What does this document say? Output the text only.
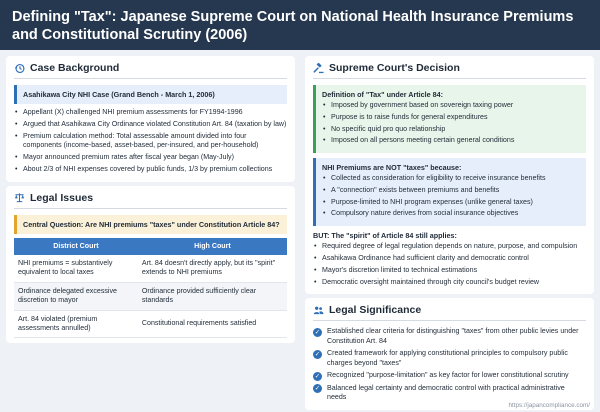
Defining "Tax": Japanese Supreme Court on National Health Insurance Premiums and Constitutional Scrutiny (2006)
Case Background
Asahikawa City NHI Case (Grand Bench - March 1, 2006)
• Appellant (X) challenged NHI premium assessments for FY1994-1996
• Argued that Asahikawa City Ordinance violated Constitution Art. 84 (taxation by law)
• Premium calculation method: Total assessable amount divided into four components (income-based, asset-based, per-insured, and per-household)
• Mayor announced premium rates after fiscal year began (May-July)
• About 2/3 of NHI expenses covered by public funds, 1/3 by premium collections
Legal Issues
Central Question: Are NHI premiums "taxes" under Constitution Article 84?
District Court	High Court
NHI premiums = substantively equivalent to local taxes	Art. 84 doesn't directly apply, but its "spirit" extends to NHI premiums
Ordinance delegated excessive discretion to mayor	Ordinance provided sufficiently clear standards
Art. 84 violated (premium assessments annulled)	Constitutional requirements satisfied
Supreme Court's Decision
Definition of "Tax" under Article 84:
• Imposed by government based on sovereign taxing power
• Purpose is to raise funds for general expenditures
• No specific quid pro quo relationship
• Imposed on all persons meeting certain general conditions
NHI Premiums are NOT "taxes" because:
• Collected as consideration for eligibility to receive insurance benefits
• A "connection" exists between premiums and benefits
• Purpose-limited to NHI program expenses (unlike general taxes)
• Compulsory nature derives from social insurance objectives
BUT: The "spirit" of Article 84 still applies:
• Required degree of legal regulation depends on nature, purpose, and compulsion
• Asahikawa Ordinance had sufficient clarity and democratic control
• Mayor's discretion limited to technical estimations
• Democratic oversight maintained through city council's budget review
Legal Significance
✓ Established clear criteria for distinguishing "taxes" from other public levies under Constitution Art. 84
✓ Created framework for applying constitutional principles to compulsory public charges beyond "taxes"
✓ Recognized "purpose-limitation" as key factor for lower constitutional scrutiny
✓ Balanced legal certainty and democratic control with practical administrative needs
https://japancompliance.com/
